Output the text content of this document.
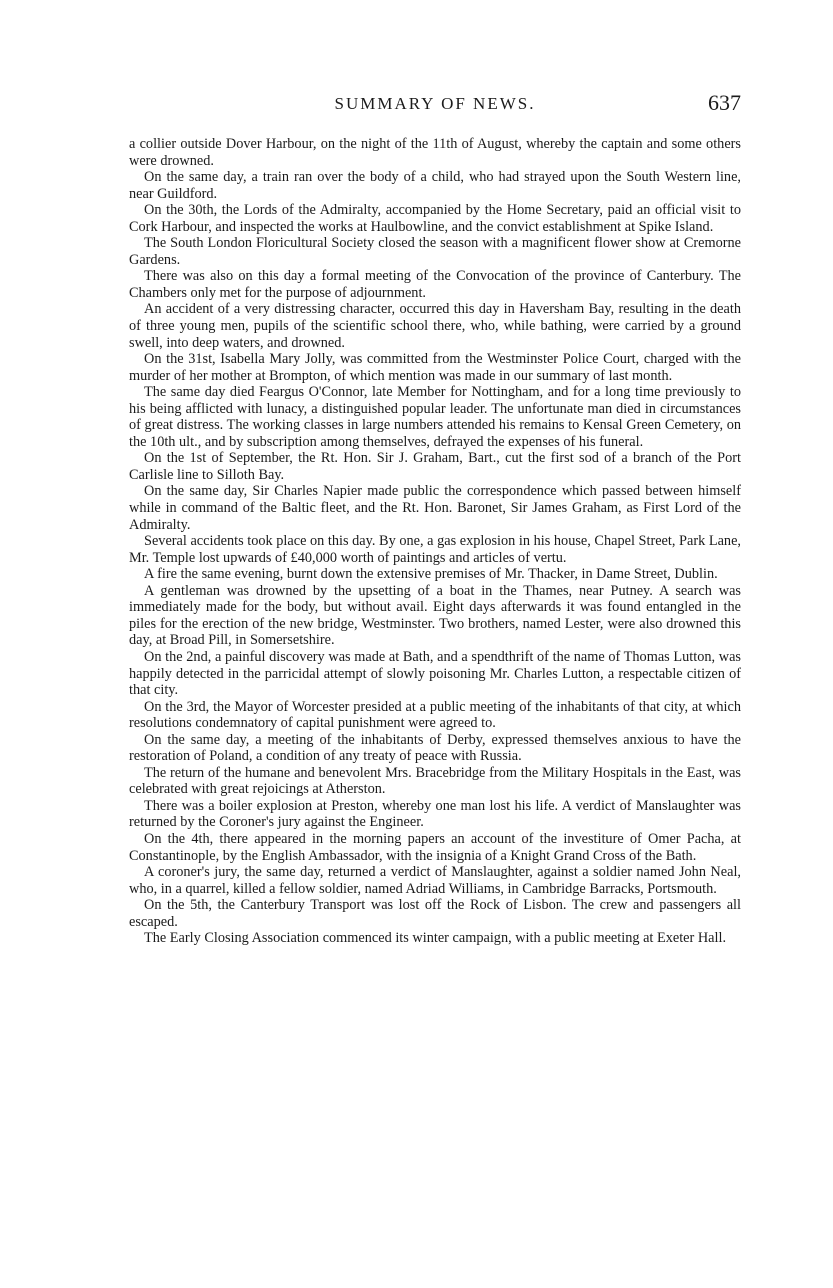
SUMMARY OF NEWS.	637

a collier outside Dover Harbour, on the night of the 11th of August, whereby the captain and some others were drowned.

On the same day, a train ran over the body of a child, who had strayed upon the South Western line, near Guildford.

On the 30th, the Lords of the Admiralty, accompanied by the Home Secretary, paid an official visit to Cork Harbour, and inspected the works at Haulbowline, and the convict establishment at Spike Island.

The South London Floricultural Society closed the season with a magnificent flower show at Cremorne Gardens.

There was also on this day a formal meeting of the Convocation of the province of Canterbury. The Chambers only met for the purpose of adjournment.

An accident of a very distressing character, occurred this day in Haversham Bay, resulting in the death of three young men, pupils of the scientific school there, who, while bathing, were carried by a ground swell, into deep waters, and drowned.

On the 31st, Isabella Mary Jolly, was committed from the Westminster Police Court, charged with the murder of her mother at Brompton, of which mention was made in our summary of last month.

The same day died Feargus O'Connor, late Member for Nottingham, and for a long time previously to his being afflicted with lunacy, a distinguished popular leader. The unfortunate man died in circumstances of great distress. The working classes in large numbers attended his remains to Kensal Green Cemetery, on the 10th ult., and by subscription among themselves, defrayed the expenses of his funeral.

On the 1st of September, the Rt. Hon. Sir J. Graham, Bart., cut the first sod of a branch of the Port Carlisle line to Silloth Bay.

On the same day, Sir Charles Napier made public the correspondence which passed between himself while in command of the Baltic fleet, and the Rt. Hon. Baronet, Sir James Graham, as First Lord of the Admiralty.

Several accidents took place on this day. By one, a gas explosion in his house, Chapel Street, Park Lane, Mr. Temple lost upwards of £40,000 worth of paintings and articles of vertu.

A fire the same evening, burnt down the extensive premises of Mr. Thacker, in Dame Street, Dublin.

A gentleman was drowned by the upsetting of a boat in the Thames, near Putney. A search was immediately made for the body, but without avail. Eight days afterwards it was found entangled in the piles for the erection of the new bridge, Westminster. Two brothers, named Lester, were also drowned this day, at Broad Pill, in Somersetshire.

On the 2nd, a painful discovery was made at Bath, and a spendthrift of the name of Thomas Lutton, was happily detected in the parricidal attempt of slowly poisoning Mr. Charles Lutton, a respectable citizen of that city.

On the 3rd, the Mayor of Worcester presided at a public meeting of the inhabitants of that city, at which resolutions condemnatory of capital punishment were agreed to.

On the same day, a meeting of the inhabitants of Derby, expressed themselves anxious to have the restoration of Poland, a condition of any treaty of peace with Russia.

The return of the humane and benevolent Mrs. Bracebridge from the Military Hospitals in the East, was celebrated with great rejoicings at Atherston.

There was a boiler explosion at Preston, whereby one man lost his life. A verdict of Manslaughter was returned by the Coroner's jury against the Engineer.

On the 4th, there appeared in the morning papers an account of the investiture of Omer Pacha, at Constantinople, by the English Ambassador, with the insignia of a Knight Grand Cross of the Bath.

A coroner's jury, the same day, returned a verdict of Manslaughter, against a soldier named John Neal, who, in a quarrel, killed a fellow soldier, named Adriad Williams, in Cambridge Barracks, Portsmouth.

On the 5th, the Canterbury Transport was lost off the Rock of Lisbon. The crew and passengers all escaped.

The Early Closing Association commenced its winter campaign, with a public meeting at Exeter Hall.
